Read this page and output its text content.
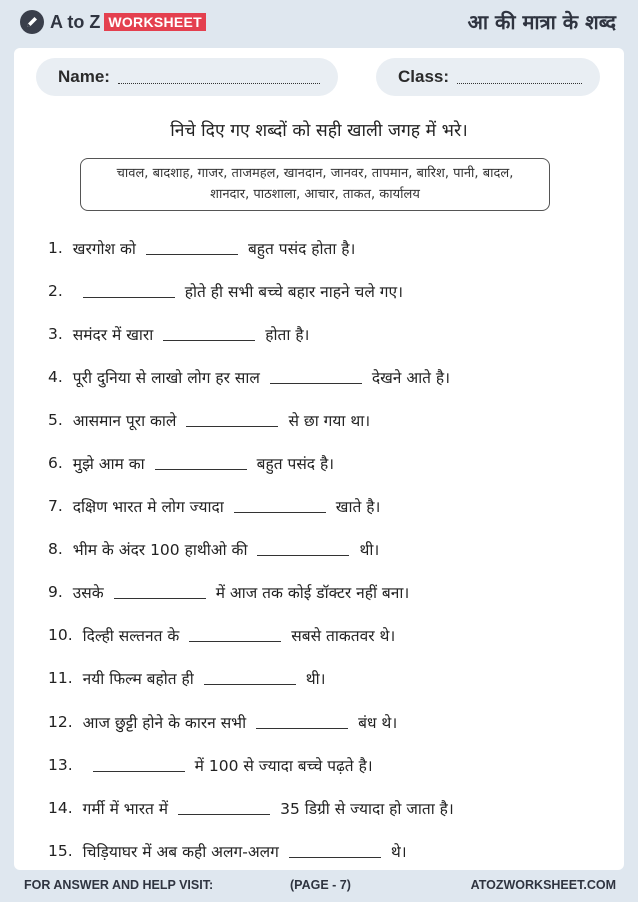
A to Z WORKSHEET	आ की मात्रा के शब्द
Name:	Class:
निचे दिए गए शब्दों को सही खाली जगह में भरे।
चावल, बादशाह, गाजर, ताजमहल, खानदान, जानवर, तापमान, बारिश, पानी, बादल,
शानदार, पाठशाला, आचार, ताकत, कार्यालय
1. खरगोश को	बहुत पसंद होता है।
2.	होते ही सभी बच्चे बहार नाहने चले गए।
3. समंदर में खारा	होता है।
4. पूरी दुनिया से लाखो लोग हर साल	देखने आते है।
5. आसमान पूरा काले	से छा गया था।
6. मुझे आम का	बहुत पसंद है।
7. दक्षिण भारत मे लोग ज्यादा	खाते है।
8. भीम के अंदर 100 हाथीओ की	थी।
9. उसके	में आज तक कोई डॉक्टर नहीं बना।
10. दिल्ही सल्तनत के	सबसे ताकतवर थे।
11. नयी फिल्म बहोत ही	थी।
12. आज छुट्टी होने के कारन सभी	बंध थे।
13.	में 100 से ज्यादा बच्चे पढ़ते है।
14. गर्मी में भारत में	35 डिग्री से ज्यादा हो जाता है।
15. चिड़ियाघर में अब कही अलग-अलग	थे।
FOR ANSWER AND HELP VISIT:	(PAGE - 7)	ATOZWORKSHEET.COM
